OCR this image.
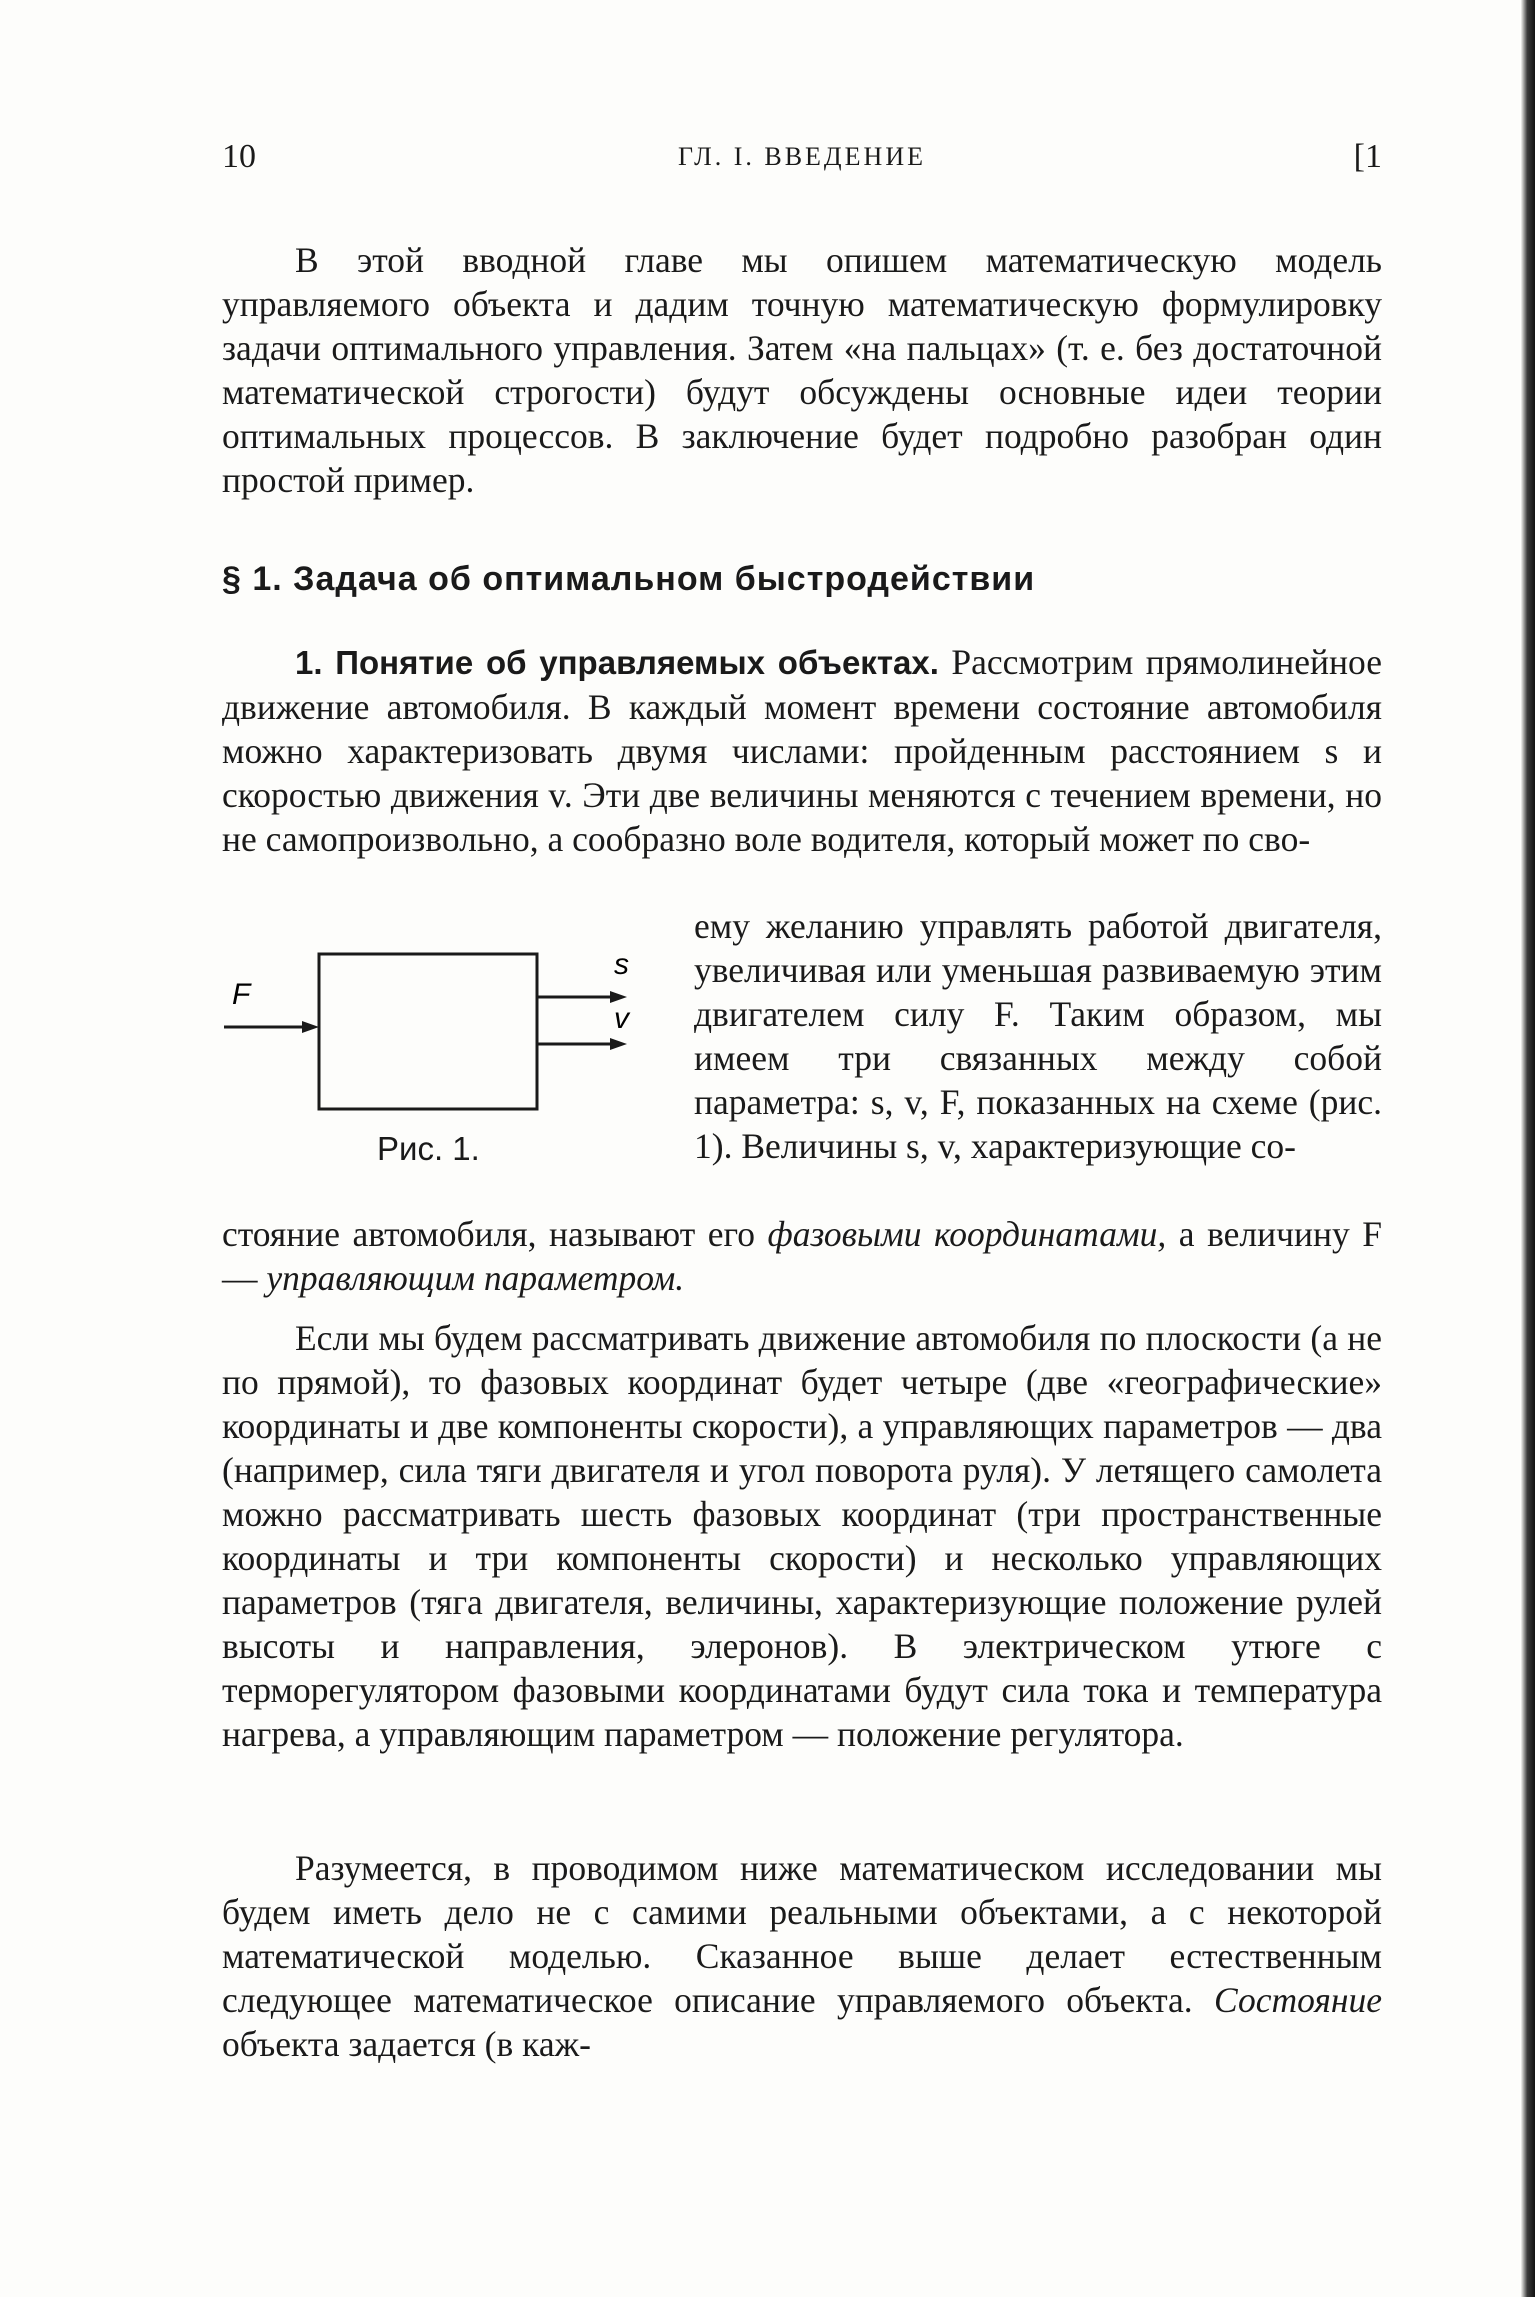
10	ГЛ. I. ВВЕДЕНИЕ	[1
В этой вводной главе мы опишем математическую модель управляемого объекта и дадим точную математическую формулировку задачи оптимального управления. Затем «на пальцах» (т. е. без достаточной математической строгости) будут обсуждены основные идеи теории оптимальных процессов. В заключение будет подробно разобран один простой пример.
§ 1. Задача об оптимальном быстродействии
1. Понятие об управляемых объектах. Рассмотрим прямолинейное движение автомобиля. В каждый момент времени состояние автомобиля можно характеризовать двумя числами: пройденным расстоянием s и скоростью движения v. Эти две величины меняются с течением времени, но не самопроизвольно, а сообразно воле водителя, который может по сво-
F
s
v
Рис. 1.
ему желанию управлять работой двигателя, увеличивая или уменьшая развиваемую этим двигателем силу F. Таким образом, мы имеем три связанных между собой параметра: s, v, F, показанных на схеме (рис. 1). Величины s, v, характеризующие со-
стояние автомобиля, называют его фазовыми координатами, а величину F — управляющим параметром.
Если мы будем рассматривать движение автомобиля по плоскости (а не по прямой), то фазовых координат будет четыре (две «географические» координаты и две компоненты скорости), а управляющих параметров — два (например, сила тяги двигателя и угол поворота руля). У летящего самолета можно рассматривать шесть фазовых координат (три пространственные координаты и три компоненты скорости) и несколько управляющих параметров (тяга двигателя, величины, характеризующие положение рулей высоты и направления, элеронов). В электрическом утюге с терморегулятором фазовыми координатами будут сила тока и температура нагрева, а управляющим параметром — положение регулятора.
Разумеется, в проводимом ниже математическом исследовании мы будем иметь дело не с самими реальными объектами, а с некоторой математической моделью. Сказанное выше делает естественным следующее математическое описание управляемого объекта. Состояние объекта задается (в каж-
